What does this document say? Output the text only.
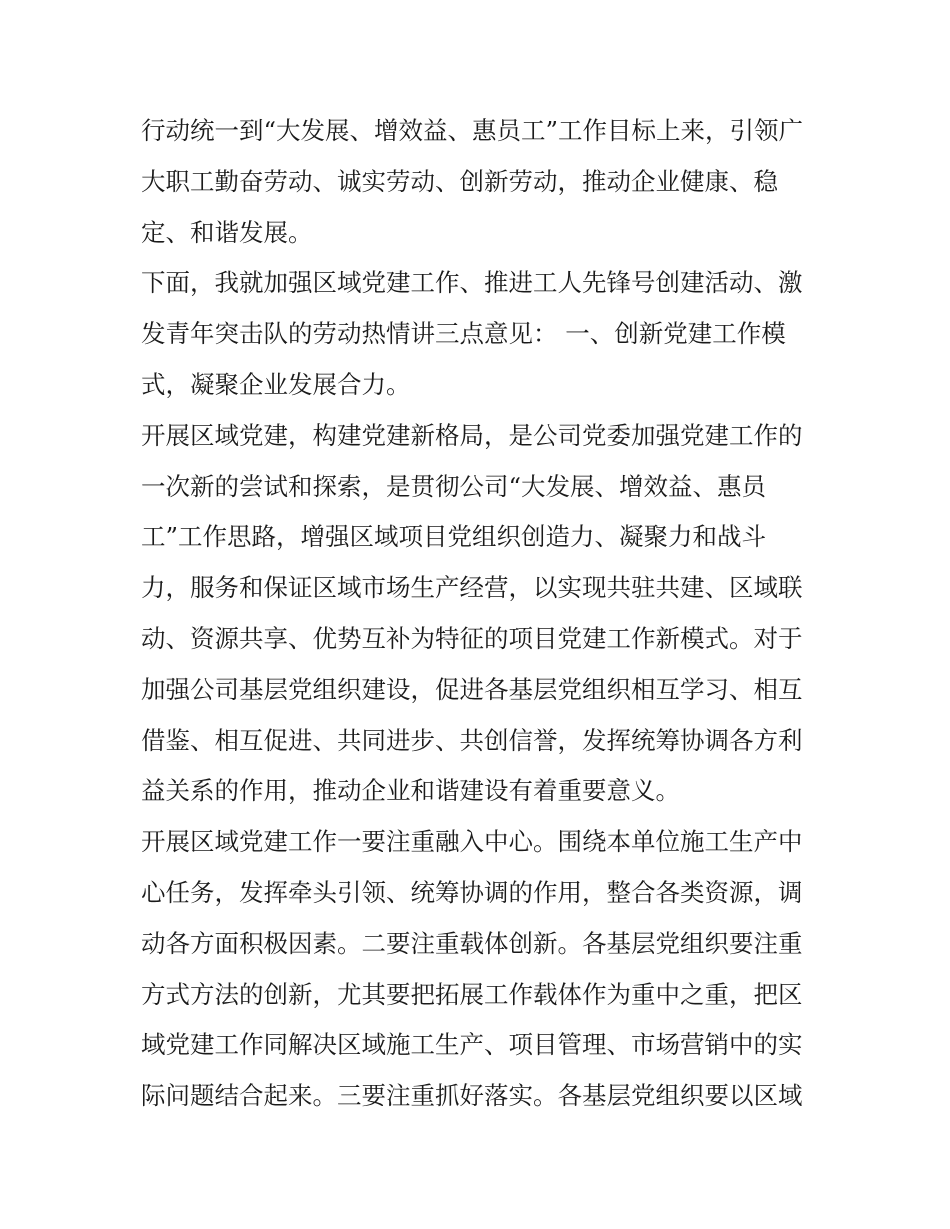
行动统一到“大发展、增效益、惠员工”工作目标上来，引领广
大职工勤奋劳动、诚实劳动、创新劳动，推动企业健康、稳
定、和谐发展。
下面，我就加强区域党建工作、推进工人先锋号创建活动、激
发青年突击队的劳动热情讲三点意见： 一、创新党建工作模
式，凝聚企业发展合力。
开展区域党建，构建党建新格局，是公司党委加强党建工作的
一次新的尝试和探索，是贯彻公司“大发展、增效益、惠员
工”工作思路，增强区域项目党组织创造力、凝聚力和战斗
力，服务和保证区域市场生产经营，以实现共驻共建、区域联
动、资源共享、优势互补为特征的项目党建工作新模式。对于
加强公司基层党组织建设，促进各基层党组织相互学习、相互
借鉴、相互促进、共同进步、共创信誉，发挥统筹协调各方利
益关系的作用，推动企业和谐建设有着重要意义。
开展区域党建工作一要注重融入中心。围绕本单位施工生产中
心任务，发挥牵头引领、统筹协调的作用，整合各类资源，调
动各方面积极因素。二要注重载体创新。各基层党组织要注重
方式方法的创新，尤其要把拓展工作载体作为重中之重，把区
域党建工作同解决区域施工生产、项目管理、市场营销中的实
际问题结合起来。三要注重抓好落实。各基层党组织要以区域
